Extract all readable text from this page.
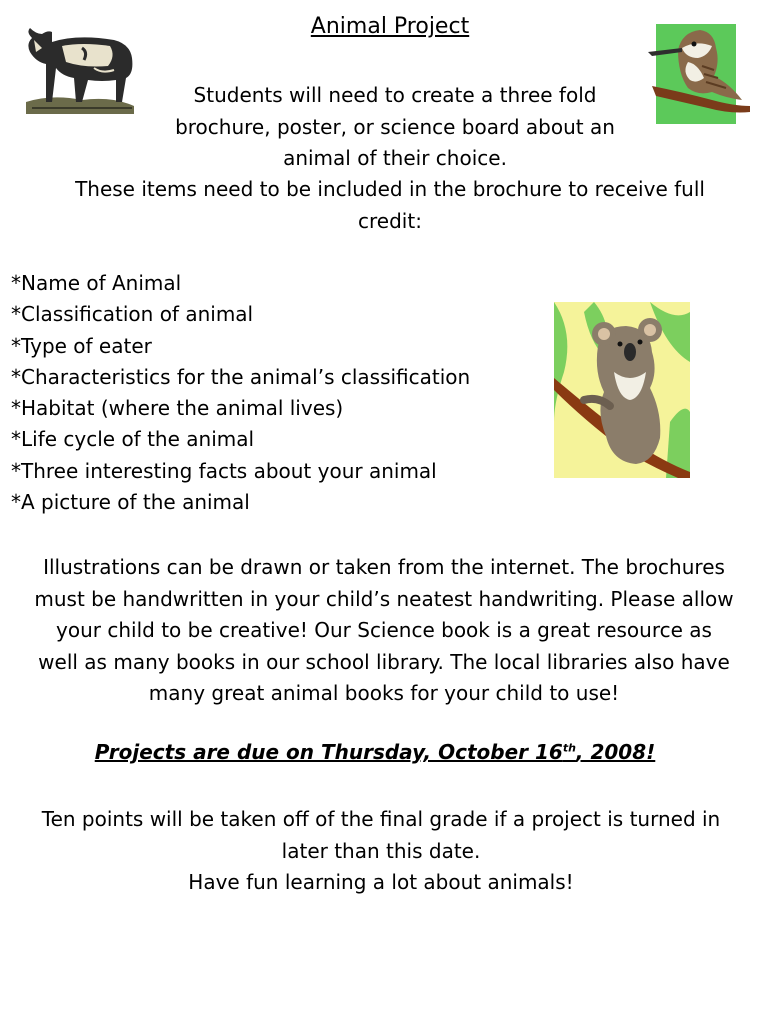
Animal Project
Students will need to create a three fold
brochure, poster, or science board about an
animal of their choice.
These items need to be included in the brochure to receive full
credit:
*Name of Animal
*Classification of animal
*Type of eater
*Characteristics for the animal’s classification
*Habitat (where the animal lives)
*Life cycle of the animal
*Three interesting facts about your animal
*A picture of the animal
Illustrations can be drawn or taken from the internet. The brochures
must be handwritten in your child’s neatest handwriting. Please allow
your child to be creative! Our Science book is a great resource as
well as many books in our school library. The local libraries also have
many great animal books for your child to use!
Projects are due on Thursday, October 16th, 2008!
Ten points will be taken off of the final grade if a project is turned in
later than this date.
Have fun learning a lot about animals!
